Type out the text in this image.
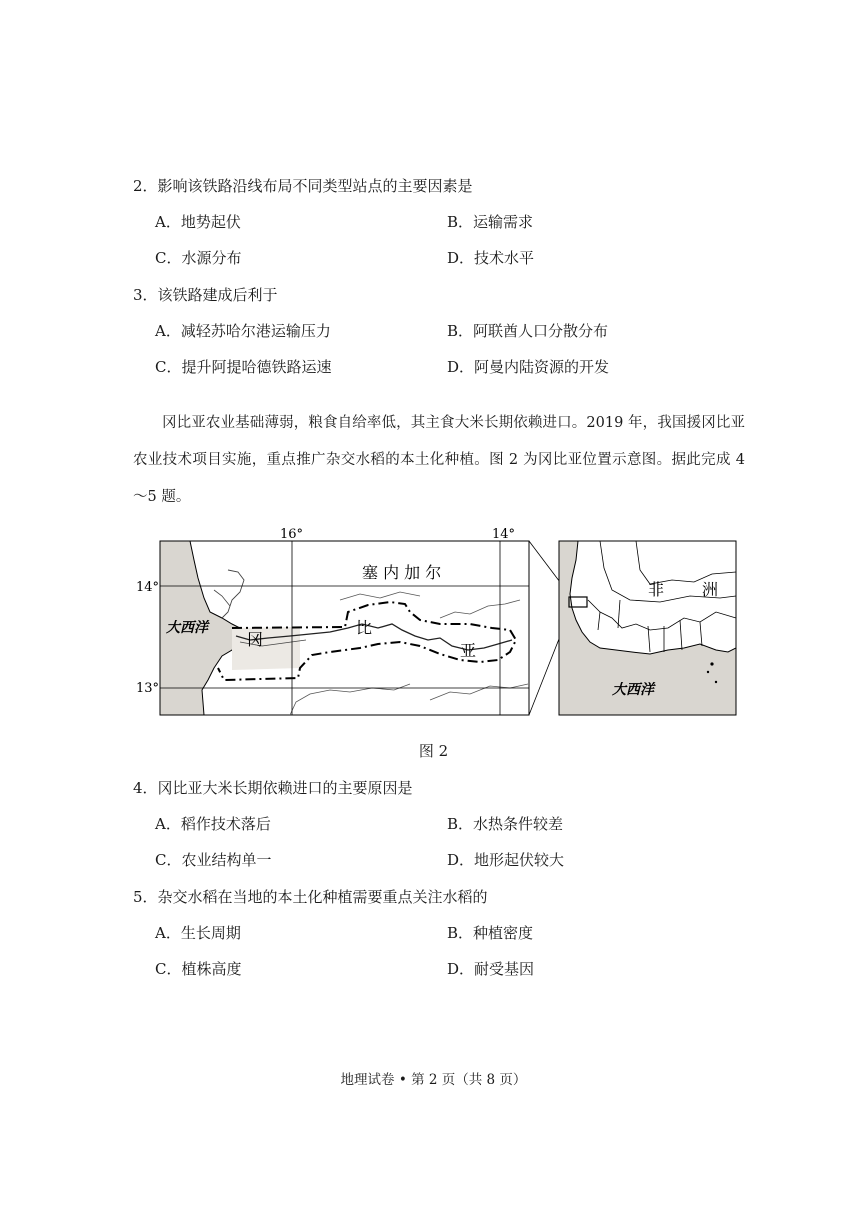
2．影响该铁路沿线布局不同类型站点的主要因素是
A．地势起伏	B．运输需求
C．水源分布	D．技术水平
3．该铁路建成后利于
A．减轻苏哈尔港运输压力	B．阿联酋人口分散分布
C．提升阿提哈德铁路运速	D．阿曼内陆资源的开发
冈比亚农业基础薄弱，粮食自给率低，其主食大米长期依赖进口。2019 年，我国援冈比亚农业技术项目实施，重点推广杂交水稻的本土化种植。图 2 为冈比亚位置示意图。据此完成 4～5 题。
16°	14°
14°
13°
大西洋
塞 内 加 尔
冈
比
亚
非 洲
大西洋
图 2
4．冈比亚大米长期依赖进口的主要原因是
A．稻作技术落后	B．水热条件较差
C．农业结构单一	D．地形起伏较大
5．杂交水稻在当地的本土化种植需要重点关注水稻的
A．生长周期	B．种植密度
C．植株高度	D．耐受基因
地理试卷 • 第 2 页（共 8 页）
